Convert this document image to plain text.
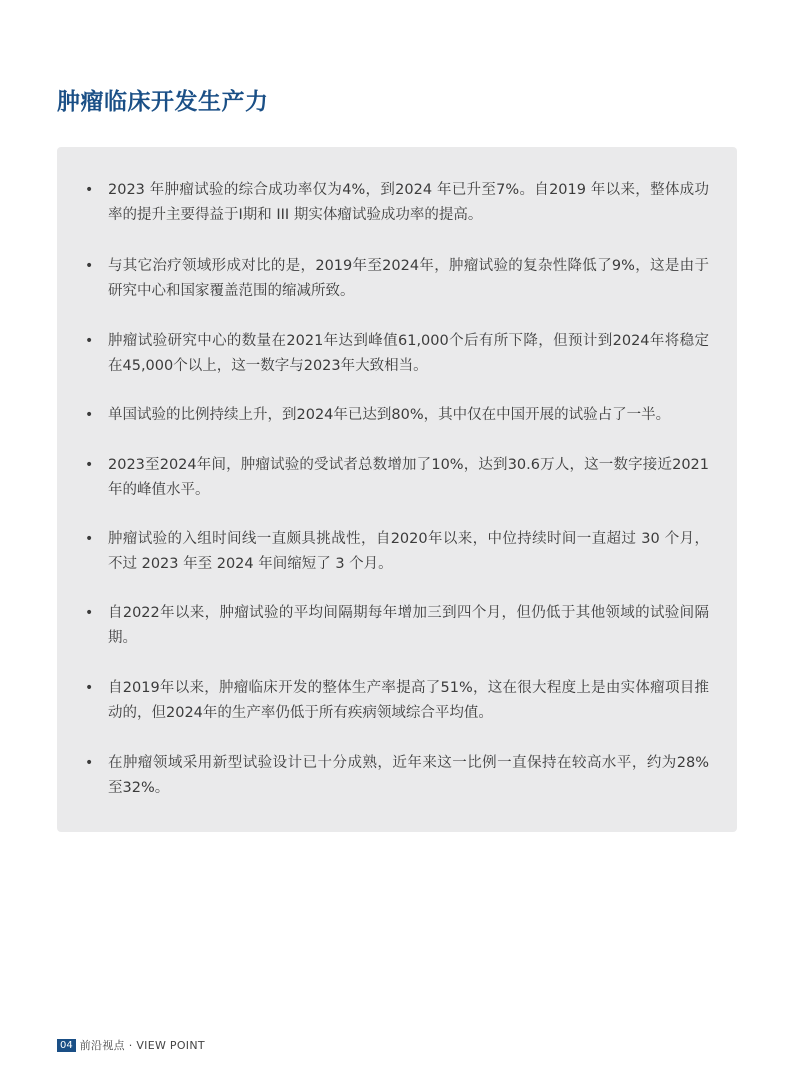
肿瘤临床开发生产力
• 2023 年肿瘤试验的综合成功率仅为4%，到2024 年已升至7%。自2019 年以来，整体成功率的提升主要得益于I期和 III 期实体瘤试验成功率的提高。
• 与其它治疗领域形成对比的是，2019年至2024年，肿瘤试验的复杂性降低了9%，这是由于研究中心和国家覆盖范围的缩减所致。
• 肿瘤试验研究中心的数量在2021年达到峰值61,000个后有所下降，但预计到2024年将稳定在45,000个以上，这一数字与2023年大致相当。
• 单国试验的比例持续上升，到2024年已达到80%，其中仅在中国开展的试验占了一半。
• 2023至2024年间，肿瘤试验的受试者总数增加了10%，达到30.6万人，这一数字接近2021年的峰值水平。
• 肿瘤试验的入组时间线一直颇具挑战性，自2020年以来，中位持续时间一直超过 30 个月，不过 2023 年至 2024 年间缩短了 3 个月。
• 自2022年以来，肿瘤试验的平均间隔期每年增加三到四个月，但仍低于其他领域的试验间隔期。
• 自2019年以来，肿瘤临床开发的整体生产率提高了51%，这在很大程度上是由实体瘤项目推动的，但2024年的生产率仍低于所有疾病领域综合平均值。
• 在肿瘤领域采用新型试验设计已十分成熟，近年来这一比例一直保持在较高水平，约为28% 至32%。
04 前沿视点 · VIEW POINT
